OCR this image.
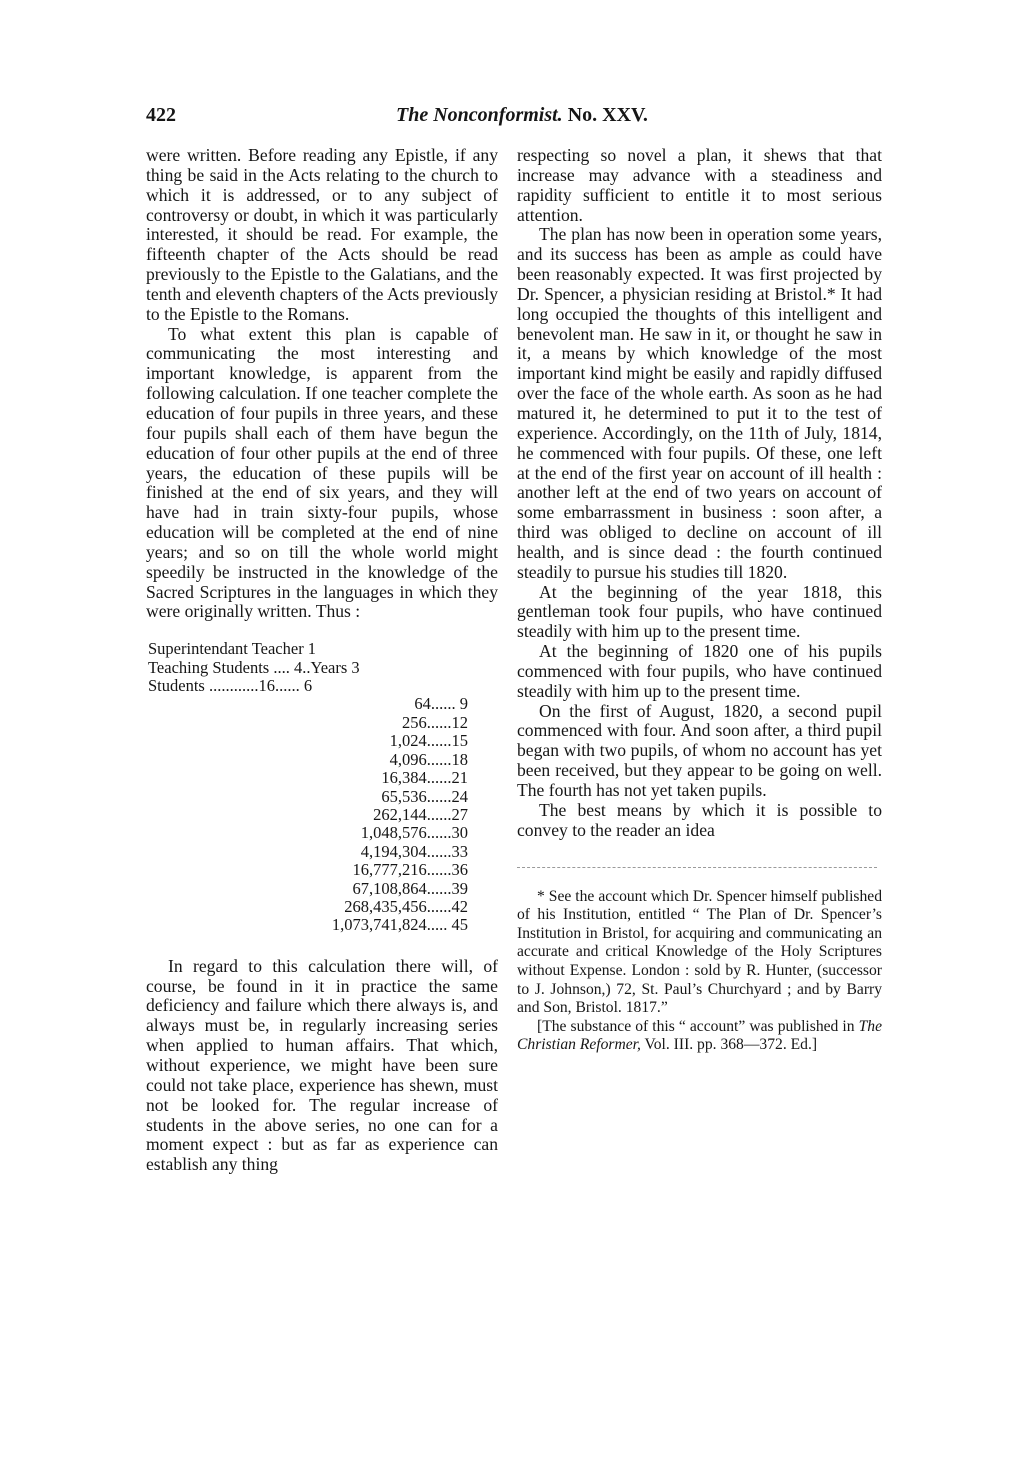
422	The Nonconformist. No. XXV.

were written. Before reading any Epistle, if any thing be said in the Acts relating to the church to which it is addressed, or to any subject of controversy or doubt, in which it was particularly interested, it should be read. For example, the fifteenth chapter of the Acts should be read previously to the Epistle to the Galatians, and the tenth and eleventh chapters of the Acts previously to the Epistle to the Romans.

To what extent this plan is capable of communicating the most interesting and important knowledge, is apparent from the following calculation. If one teacher complete the education of four pupils in three years, and these four pupils shall each of them have begun the education of four other pupils at the end of three years, the education of these pupils will be finished at the end of six years, and they will have had in train sixty-four pupils, whose education will be completed at the end of nine years; and so on till the whole world might speedily be instructed in the knowledge of the Sacred Scriptures in the languages in which they were originally written. Thus :

Superintendant Teacher 1
Teaching Students .... 4..Years 3
Students ............16...... 6
64 ...... 9
256 ...... 12
1,024 ...... 15
4,096 ...... 18
16,384 ...... 21
65,536 ...... 24
262,144 ...... 27
1,048,576 ...... 30
4,194,304 ...... 33
16,777,216 ...... 36
67,108,864 ...... 39
268,435,456 ...... 42
1,073,741,824 ..... 45

In regard to this calculation there will, of course, be found in it in practice the same deficiency and failure which there always is, and always must be, in regularly increasing series when applied to human affairs. That which, without experience, we might have been sure could not take place, experience has shewn, must not be looked for. The regular increase of students in the above series, no one can for a moment expect : but as far as experience can establish any thing

respecting so novel a plan, it shews that that increase may advance with a steadiness and rapidity sufficient to entitle it to most serious attention.

The plan has now been in operation some years, and its success has been as ample as could have been reasonably expected. It was first projected by Dr. Spencer, a physician residing at Bristol.* It had long occupied the thoughts of this intelligent and benevolent man. He saw in it, or thought he saw in it, a means by which knowledge of the most important kind might be easily and rapidly diffused over the face of the whole earth. As soon as he had matured it, he determined to put it to the test of experience. Accordingly, on the 11th of July, 1814, he commenced with four pupils. Of these, one left at the end of the first year on account of ill health : another left at the end of two years on account of some embarrassment in business : soon after, a third was obliged to decline on account of ill health, and is since dead : the fourth continued steadily to pursue his studies till 1820.

At the beginning of the year 1818, this gentleman took four pupils, who have continued steadily with him up to the present time.

At the beginning of 1820 one of his pupils commenced with four pupils, who have continued steadily with him up to the present time.

On the first of August, 1820, a second pupil commenced with four. And soon after, a third pupil began with two pupils, of whom no account has yet been received, but they appear to be going on well. The fourth has not yet taken pupils.

The best means by which it is possible to convey to the reader an idea

* See the account which Dr. Spencer himself published of his Institution, entitled “ The Plan of Dr. Spencer’s Institution in Bristol, for acquiring and communicating an accurate and critical Knowledge of the Holy Scriptures without Expense. London : sold by R. Hunter, (successor to J. Johnson,) 72, St. Paul’s Churchyard ; and by Barry and Son, Bristol. 1817.”

[The substance of this “ account” was published in The Christian Reformer, Vol. III. pp. 368—372. Ed.]
